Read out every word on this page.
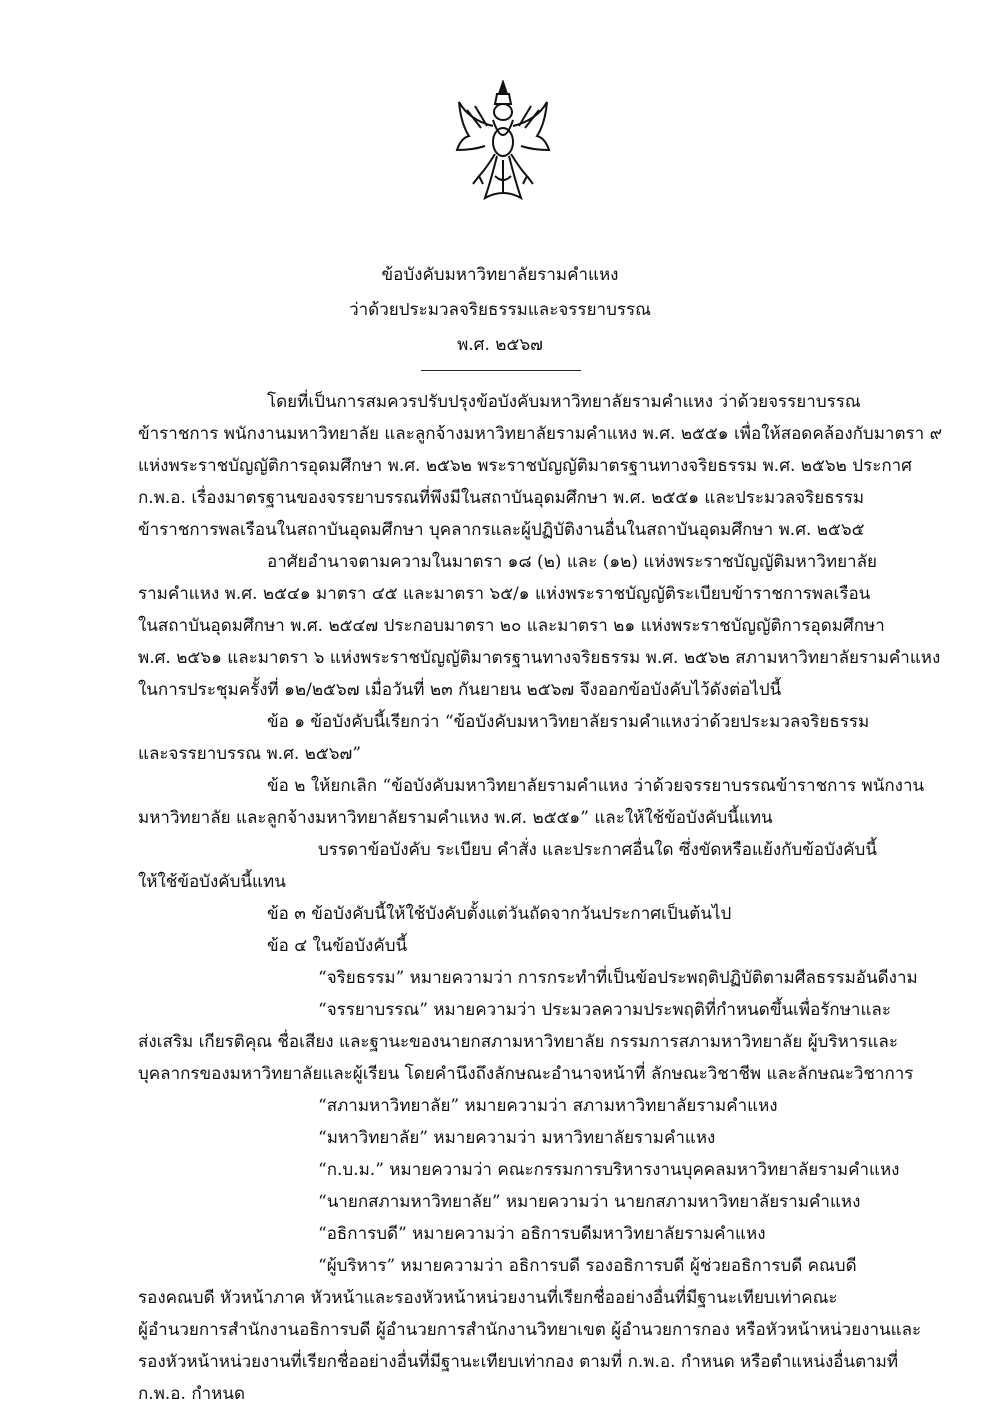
ข้อบังคับมหาวิทยาลัยรามคำแหง
ว่าด้วยประมวลจริยธรรมและจรรยาบรรณ
พ.ศ. ๒๕๖๗
โดยที่เป็นการสมควรปรับปรุงข้อบังคับมหาวิทยาลัยรามคำแหง ว่าด้วยจรรยาบรรณ
ข้าราชการ พนักงานมหาวิทยาลัย และลูกจ้างมหาวิทยาลัยรามคำแหง พ.ศ. ๒๕๕๑ เพื่อให้สอดคล้องกับมาตรา ๙
แห่งพระราชบัญญัติการอุดมศึกษา พ.ศ. ๒๕๖๒ พระราชบัญญัติมาตรฐานทางจริยธรรม พ.ศ. ๒๕๖๒ ประกาศ
ก.พ.อ. เรื่องมาตรฐานของจรรยาบรรณที่พึงมีในสถาบันอุดมศึกษา พ.ศ. ๒๕๕๑ และประมวลจริยธรรม
ข้าราชการพลเรือนในสถาบันอุดมศึกษา บุคลากรและผู้ปฏิบัติงานอื่นในสถาบันอุดมศึกษา พ.ศ. ๒๕๖๕
อาศัยอำนาจตามความในมาตรา ๑๘ (๒) และ (๑๒) แห่งพระราชบัญญัติมหาวิทยาลัย
รามคำแหง พ.ศ. ๒๕๔๑ มาตรา ๔๕ และมาตรา ๖๕/๑ แห่งพระราชบัญญัติระเบียบข้าราชการพลเรือน
ในสถาบันอุดมศึกษา พ.ศ. ๒๕๔๗ ประกอบมาตรา ๒๐ และมาตรา ๒๑ แห่งพระราชบัญญัติการอุดมศึกษา
พ.ศ. ๒๕๖๑ และมาตรา ๖ แห่งพระราชบัญญัติมาตรฐานทางจริยธรรม พ.ศ. ๒๕๖๒ สภามหาวิทยาลัยรามคำแหง
ในการประชุมครั้งที่ ๑๒/๒๕๖๗ เมื่อวันที่ ๒๓ กันยายน ๒๕๖๗ จึงออกข้อบังคับไว้ดังต่อไปนี้
ข้อ ๑ ข้อบังคับนี้เรียกว่า “ข้อบังคับมหาวิทยาลัยรามคำแหงว่าด้วยประมวลจริยธรรม
และจรรยาบรรณ พ.ศ. ๒๕๖๗”
ข้อ ๒ ให้ยกเลิก “ข้อบังคับมหาวิทยาลัยรามคำแหง ว่าด้วยจรรยาบรรณข้าราชการ พนักงาน
มหาวิทยาลัย และลูกจ้างมหาวิทยาลัยรามคำแหง พ.ศ. ๒๕๕๑” และให้ใช้ข้อบังคับนี้แทน
บรรดาข้อบังคับ ระเบียบ คำสั่ง และประกาศอื่นใด ซึ่งขัดหรือแย้งกับข้อบังคับนี้
ให้ใช้ข้อบังคับนี้แทน
ข้อ ๓ ข้อบังคับนี้ให้ใช้บังคับตั้งแต่วันถัดจากวันประกาศเป็นต้นไป
ข้อ ๔ ในข้อบังคับนี้
“จริยธรรม” หมายความว่า การกระทำที่เป็นข้อประพฤติปฏิบัติตามศีลธรรมอันดีงาม
“จรรยาบรรณ” หมายความว่า ประมวลความประพฤติที่กำหนดขึ้นเพื่อรักษาและ
ส่งเสริม เกียรติคุณ ชื่อเสียง และฐานะของนายกสภามหาวิทยาลัย กรรมการสภามหาวิทยาลัย ผู้บริหารและ
บุคลากรของมหาวิทยาลัยและผู้เรียน โดยคำนึงถึงลักษณะอำนาจหน้าที่ ลักษณะวิชาชีพ และลักษณะวิชาการ
“สภามหาวิทยาลัย” หมายความว่า สภามหาวิทยาลัยรามคำแหง
“มหาวิทยาลัย” หมายความว่า มหาวิทยาลัยรามคำแหง
“ก.บ.ม.” หมายความว่า คณะกรรมการบริหารงานบุคคลมหาวิทยาลัยรามคำแหง
“นายกสภามหาวิทยาลัย” หมายความว่า นายกสภามหาวิทยาลัยรามคำแหง
“อธิการบดี” หมายความว่า อธิการบดีมหาวิทยาลัยรามคำแหง
“ผู้บริหาร” หมายความว่า อธิการบดี รองอธิการบดี ผู้ช่วยอธิการบดี คณบดี
รองคณบดี หัวหน้าภาค หัวหน้าและรองหัวหน้าหน่วยงานที่เรียกชื่ออย่างอื่นที่มีฐานะเทียบเท่าคณะ
ผู้อำนวยการสำนักงานอธิการบดี ผู้อำนวยการสำนักงานวิทยาเขต ผู้อำนวยการกอง หรือหัวหน้าหน่วยงานและ
รองหัวหน้าหน่วยงานที่เรียกชื่ออย่างอื่นที่มีฐานะเทียบเท่ากอง ตามที่ ก.พ.อ. กำหนด หรือตำแหน่งอื่นตามที่
ก.พ.อ. กำหนด
